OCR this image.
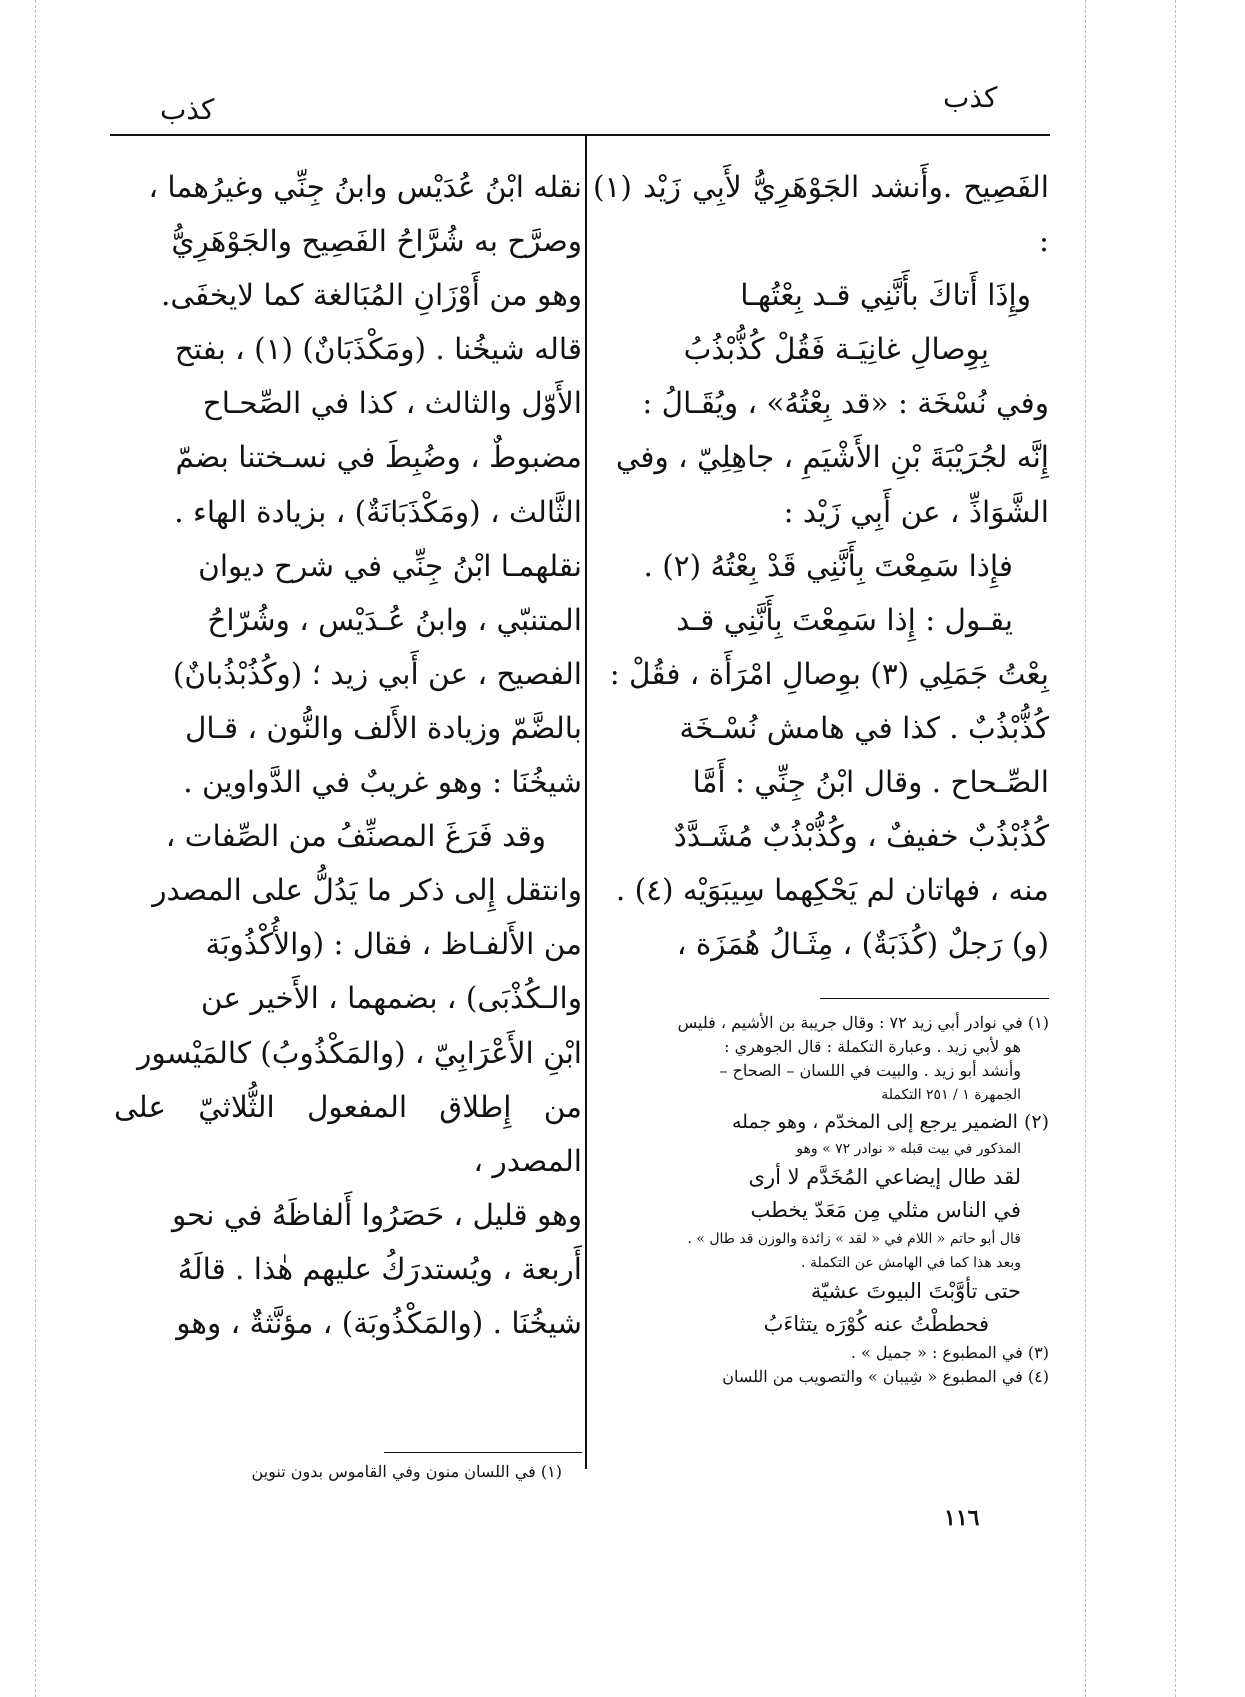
كذب
كذب

الفَصِيح .وأَنشد الجَوْهَرِيُّ لأَبِي زَيْد (١) :

وإِذَا أَتاكَ بأَنَّنِي قـد بِعْتُهـا

بِوِصالِ غانِيَـة فَقُلْ كُذُّبْذُبُ

وفي نُسْخَة : «قد بِعْتُهُ» ، ويُقَـالُ :

إِنَّه لجُرَيْبَةَ بْنِ الأَشْيَمِ ، جاهِلِيّ ، وفي

الشَّوَاذِّ ، عن أَبِي زَيْد :

فإِذا سَمِعْتَ بِأَنَّنِي قَدْ بِعْتُهُ (٢) .

يقـول : إِذا سَمِعْتَ بِأَنَّنِي قـد

بِعْتُ جَمَلِي (٣) بوِصالِ امْرَأَة ، فقُلْ :

كُذُّبْذُبٌ . كذا في هامش نُسْـخَة

الصِّـحاح . وقال ابْنُ جِنِّي : أَمَّا

كُذُبْذُبٌ خفيفٌ ، وكُذُّبْذُبٌ مُشَـدَّدٌ

منه ، فهاتان لم يَحْكِهما سِيبَوَيْه (٤) .

(و) رَجلٌ (كُذَبَةٌ) ، مِثَـالُ هُمَزَة ،

نقله ابْنُ عُدَيْس وابنُ جِنِّي وغيرُهما ،

وصرَّح به شُرَّاحُ الفَصِيح والجَوْهَرِيُّ

وهو من أَوْزَانِ المُبَالغة كما لايخفَى.

قاله شيخُنا . (ومَكْذَبَانٌ) (١) ، بفتح

الأَوّل والثالث ، كذا في الصِّحـاح

مضبوطٌ ، وضُبِطَ في نسـختنا بضمّ

الثَّالث ، (ومَكْذَبَانَةٌ) ، بزيادة الهاء .

نقلهمـا ابْنُ جِنِّي في شرح ديوان

المتنبّي ، وابنُ عُـدَيْس ، وشُرّاحُ

الفصيح ، عن أَبي زيد ؛ (وكُذُبْذُبانٌ)

بالضَّمّ وزيادة الأَلف والنُّون ، قـال

شيخُنَا : وهو غريبٌ في الدَّواوين .

وقد فَرَغَ المصنِّفُ من الصِّفات ،

وانتقل إِلى ذكر ما يَدُلُّ على المصدر

من الأَلفـاظ ، فقال : (والأُكْذُوبَة

والـكُذْبَى) ، بضمهما ، الأَخير عن

ابْنِ الأَعْرَابِيّ ، (والمَكْذُوبُ) كالمَيْسور

من إِطلاق المفعول الثُّلاثيّ على المصدر ،

وهو قليل ، حَصَرُوا أَلفاظَهُ في نحو

أَربعة ، ويُستدرَكُ عليهم هٰذا . قالَهُ

شيخُنَا . (والمَكْذُوبَة) ، مؤنَّثةٌ ، وهو

(١) في نوادر أبي زيد ٧٢ : وقال جريبة بن الأشيم ، فليس

هو لأبي زيد . وعبارة التكملة : قال الجوهري :

وأنشد أبو زيد . والبيت في اللسان – الصحاح –

الجمهرة ١ / ٢٥١ التكملة

(٢) الضمير يرجع إلى المخدّم ، وهو جمله

المذكور في بيت قبله « نوادر ٧٢ » وهو

لقد طال إيضاعي المُخَدَّم لا أرى

في الناس مثلي مِن مَعَدّ يخطب

قال أبو حاتم « اللام في « لقد » زائدة والوزن قد طال » .

وبعد هذا كما في الهامش عن التكملة .

حتى تأوَّبْتَ البيوتَ عشيّة

فحططْتُ عنه كُوْرَه يتثاءَبُ

(٣) في المطبوع : « جميل » .

(٤) في المطبوع « شِيبان » والتصويب من اللسان

(١) في اللسان منون وفي القاموس بدون تنوين

١١٦
